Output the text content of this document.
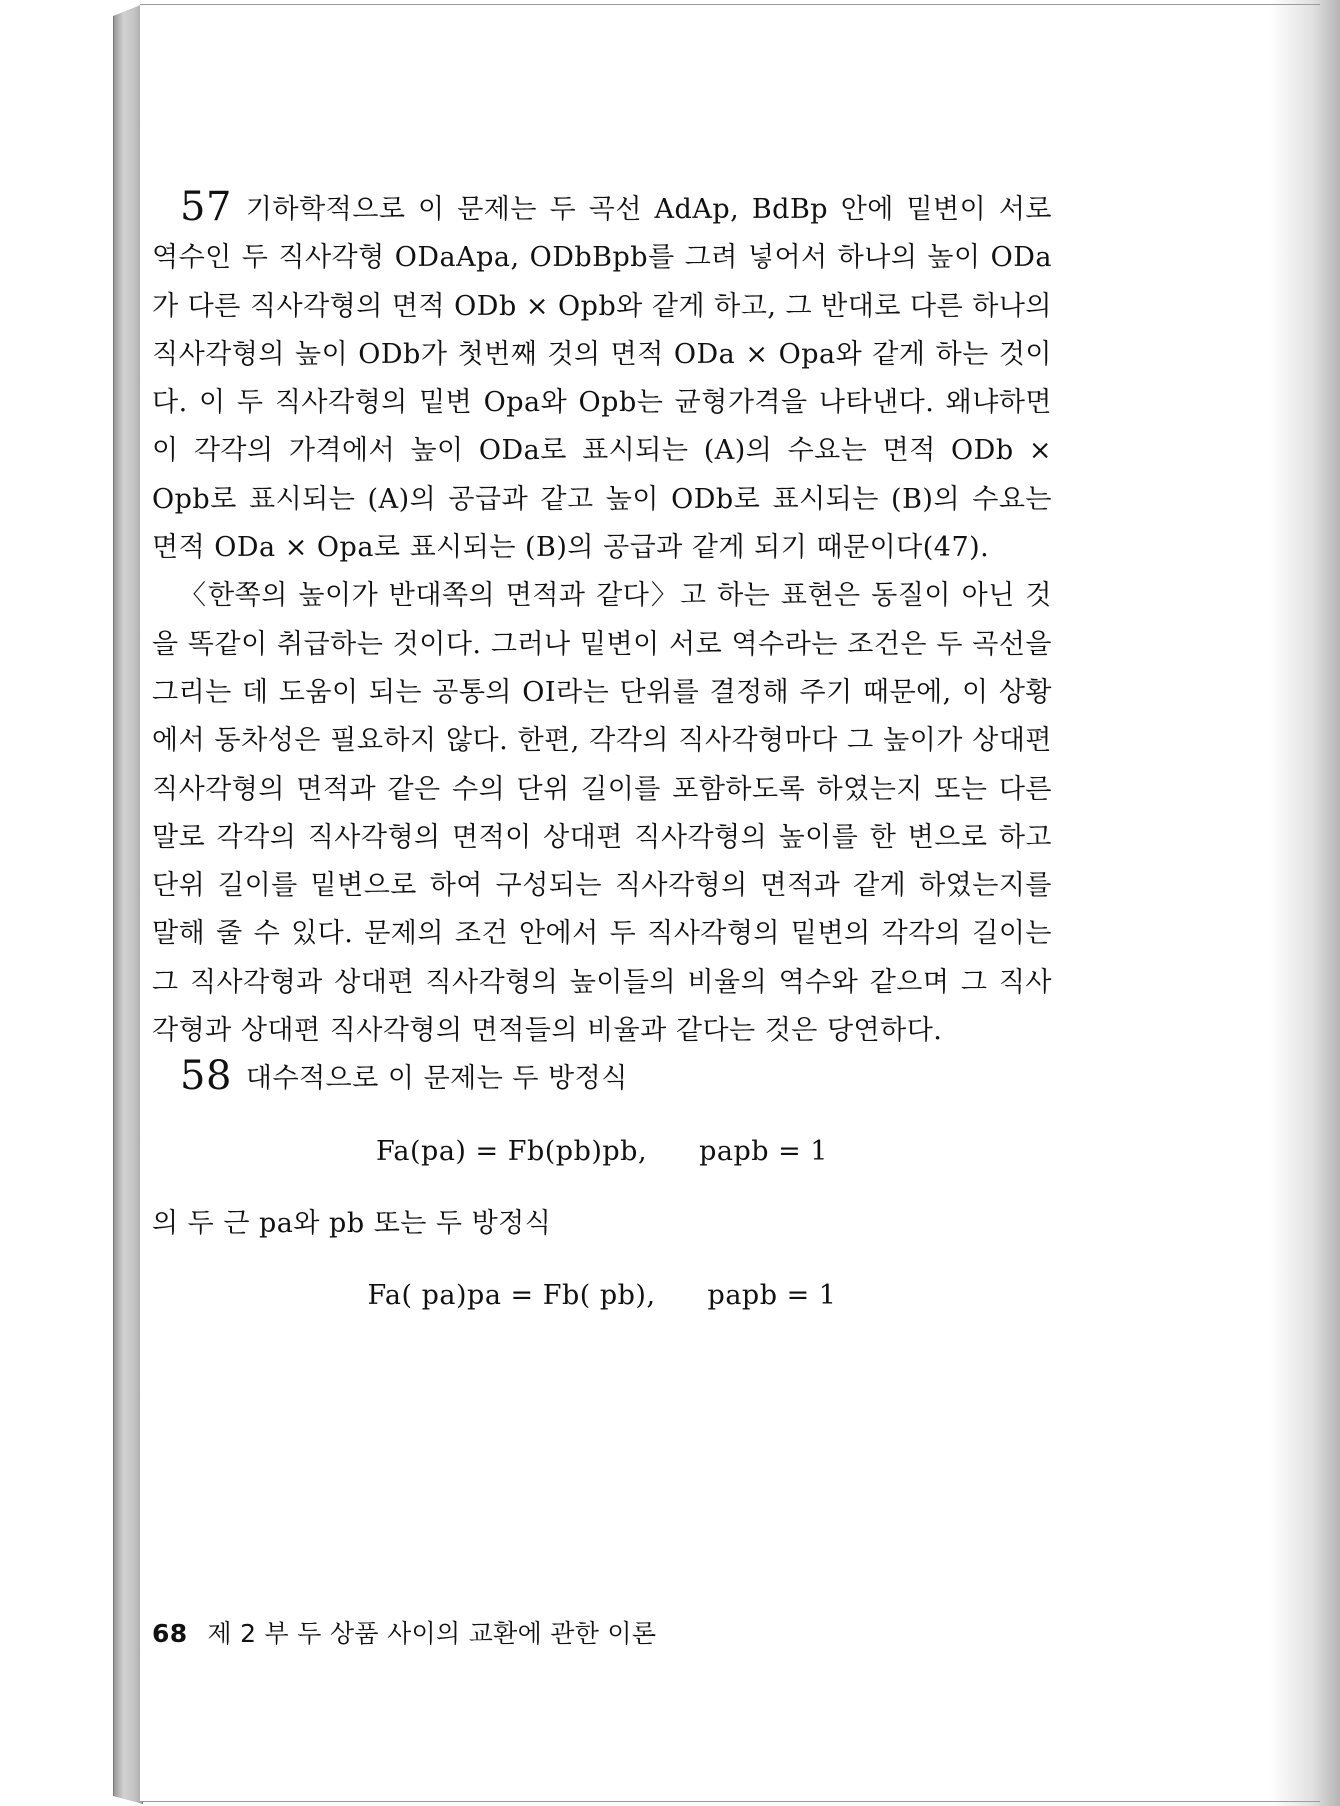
57 기하학적으로 이 문제는 두 곡선 AdAp, BdBp 안에 밑변이 서로 역수인 두 직사각형 ODaApa, ODbBpb를 그려 넣어서 하나의 높이 ODa가 다른 직사각형의 면적 ODb × Opb와 같게 하고, 그 반대로 다른 하나의 직사각형의 높이 ODb가 첫번째 것의 면적 ODa × Opa와 같게 하는 것이다. 이 두 직사각형의 밑변 Opa와 Opb는 균형가격을 나타낸다. 왜냐하면 이 각각의 가격에서 높이 ODa로 표시되는 (A)의 수요는 면적 ODb × Opb로 표시되는 (A)의 공급과 같고 높이 ODb로 표시되는 (B)의 수요는 면적 ODa × Opa로 표시되는 (B)의 공급과 같게 되기 때문이다(47).

〈한쪽의 높이가 반대쪽의 면적과 같다〉고 하는 표현은 동질이 아닌 것을 똑같이 취급하는 것이다. 그러나 밑변이 서로 역수라는 조건은 두 곡선을 그리는 데 도움이 되는 공통의 OI라는 단위를 결정해 주기 때문에, 이 상황에서 동차성은 필요하지 않다. 한편, 각각의 직사각형마다 그 높이가 상대편 직사각형의 면적과 같은 수의 단위 길이를 포함하도록 하였는지 또는 다른 말로 각각의 직사각형의 면적이 상대편 직사각형의 높이를 한 변으로 하고 단위 길이를 밑변으로 하여 구성되는 직사각형의 면적과 같게 하였는지를 말해 줄 수 있다. 문제의 조건 안에서 두 직사각형의 밑변의 각각의 길이는 그 직사각형과 상대편 직사각형의 높이들의 비율의 역수와 같으며 그 직사각형과 상대편 직사각형의 면적들의 비율과 같다는 것은 당연하다.

58 대수적으로 이 문제는 두 방정식

Fa(pa) = Fb(pb)pb, papb = 1

의 두 근 pa와 pb 또는 두 방정식

Fa( pa)pa = Fb( pb), papb = 1
68 제 2 부 두 상품 사이의 교환에 관한 이론
